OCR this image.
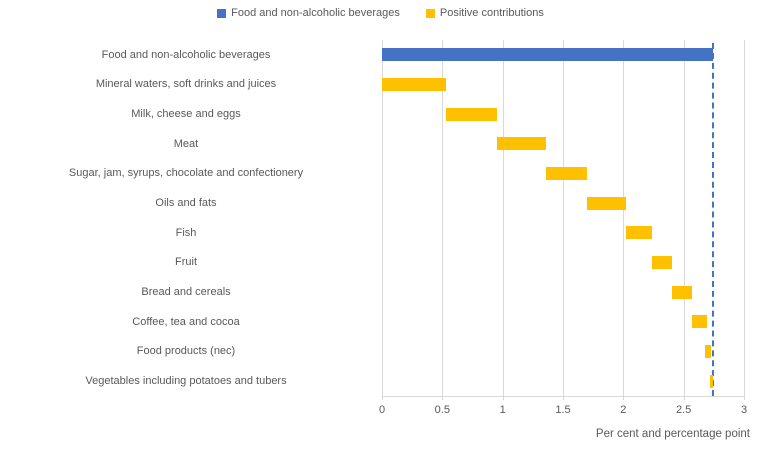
Food and non-alcoholic beverages	Positive contributions
0	0.5	1	1.5	2	2.5	3
Food and non-alcoholic beverages
Mineral waters, soft drinks and juices
Milk, cheese and eggs
Meat
Sugar, jam, syrups, chocolate and confectionery
Oils and fats
Fish
Fruit
Bread and cereals
Coffee, tea and cocoa
Food products (nec)
Vegetables including potatoes and tubers
Per cent and percentage point
